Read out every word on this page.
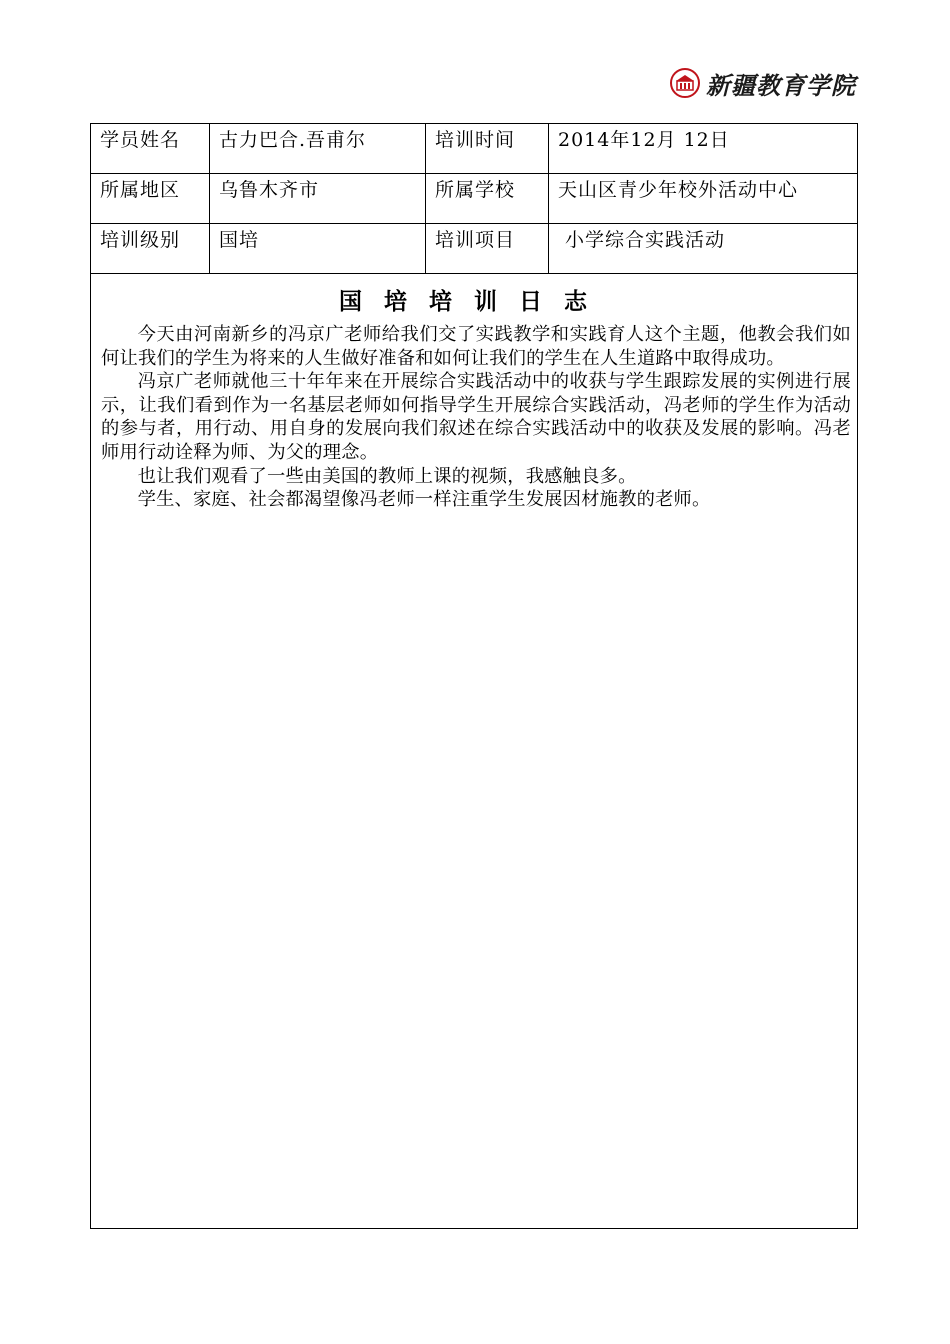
新疆教育学院
学员姓名	古力巴合.吾甫尔	培训时间	2014年12月 12日
所属地区	乌鲁木齐市	所属学校	天山区青少年校外活动中心
培训级别	国培	培训项目	小学综合实践活动
国培培训日志

今天由河南新乡的冯京广老师给我们交了实践教学和实践育人这个主题，他教会我们如何让我们的学生为将来的人生做好准备和如何让我们的学生在人生道路中取得成功。

冯京广老师就他三十年年来在开展综合实践活动中的收获与学生跟踪发展的实例进行展示，让我们看到作为一名基层老师如何指导学生开展综合实践活动，冯老师的学生作为活动的参与者，用行动、用自身的发展向我们叙述在综合实践活动中的收获及发展的影响。冯老师用行动诠释为师、为父的理念。

也让我们观看了一些由美国的教师上课的视频，我感触良多。

学生、家庭、社会都渴望像冯老师一样注重学生发展因材施教的老师。
